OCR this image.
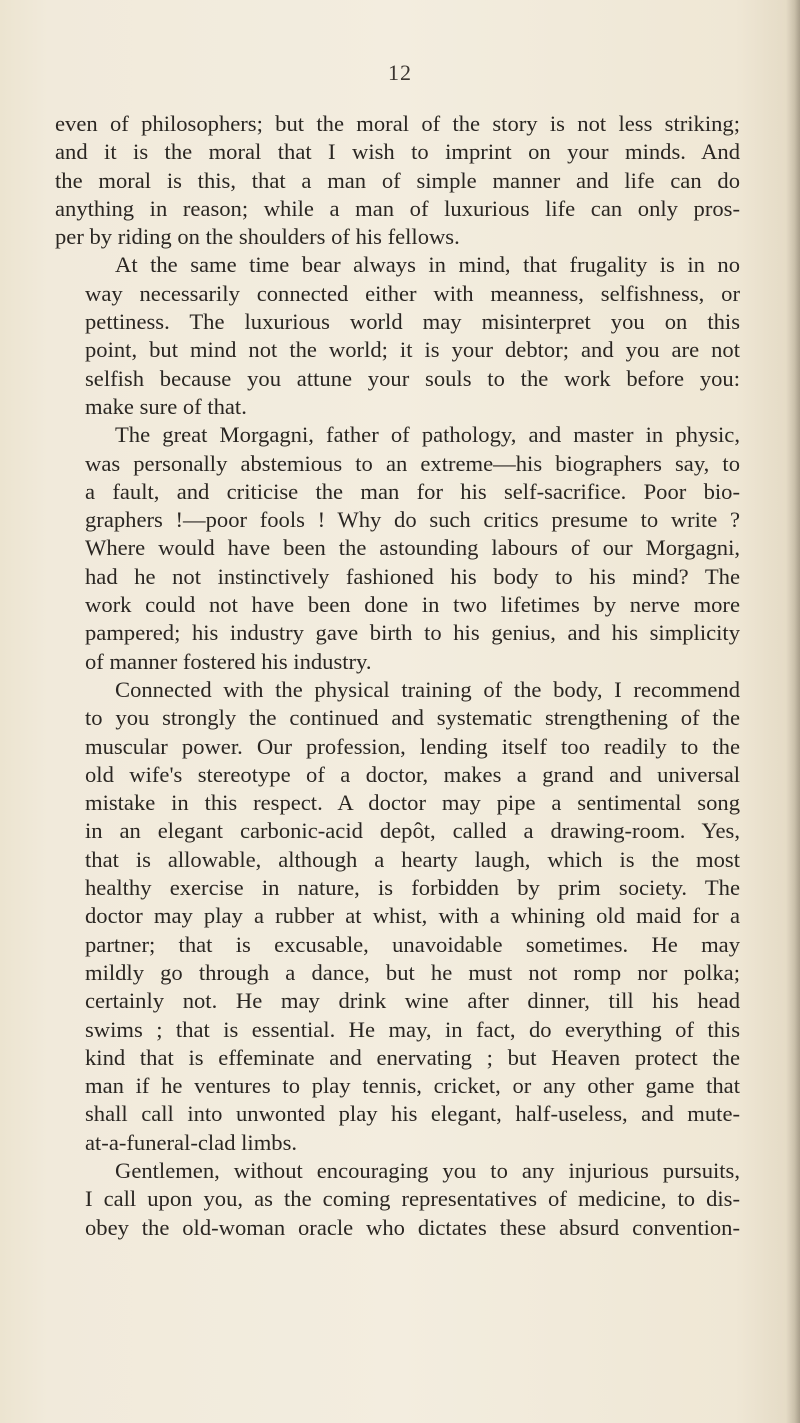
12
even of philosophers; but the moral of the story is not less striking;
and it is the moral that I wish to imprint on your minds. And
the moral is this, that a man of simple manner and life can do
anything in reason; while a man of luxurious life can only pros-
per by riding on the shoulders of his fellows.
At the same time bear always in mind, that frugality is in no
way necessarily connected either with meanness, selfishness, or
pettiness. The luxurious world may misinterpret you on this
point, but mind not the world; it is your debtor; and you are not
selfish because you attune your souls to the work before you:
make sure of that.
The great Morgagni, father of pathology, and master in physic,
was personally abstemious to an extreme—his biographers say, to
a fault, and criticise the man for his self-sacrifice. Poor bio-
graphers !—poor fools ! Why do such critics presume to write ?
Where would have been the astounding labours of our Morgagni,
had he not instinctively fashioned his body to his mind? The
work could not have been done in two lifetimes by nerve more
pampered; his industry gave birth to his genius, and his simplicity
of manner fostered his industry.
Connected with the physical training of the body, I recommend
to you strongly the continued and systematic strengthening of the
muscular power. Our profession, lending itself too readily to the
old wife's stereotype of a doctor, makes a grand and universal
mistake in this respect. A doctor may pipe a sentimental song
in an elegant carbonic-acid depôt, called a drawing-room. Yes,
that is allowable, although a hearty laugh, which is the most
healthy exercise in nature, is forbidden by prim society. The
doctor may play a rubber at whist, with a whining old maid for a
partner; that is excusable, unavoidable sometimes. He may
mildly go through a dance, but he must not romp nor polka;
certainly not. He may drink wine after dinner, till his head
swims ; that is essential. He may, in fact, do everything of this
kind that is effeminate and enervating ; but Heaven protect the
man if he ventures to play tennis, cricket, or any other game that
shall call into unwonted play his elegant, half-useless, and mute-
at-a-funeral-clad limbs.
Gentlemen, without encouraging you to any injurious pursuits,
I call upon you, as the coming representatives of medicine, to dis-
obey the old-woman oracle who dictates these absurd convention-
